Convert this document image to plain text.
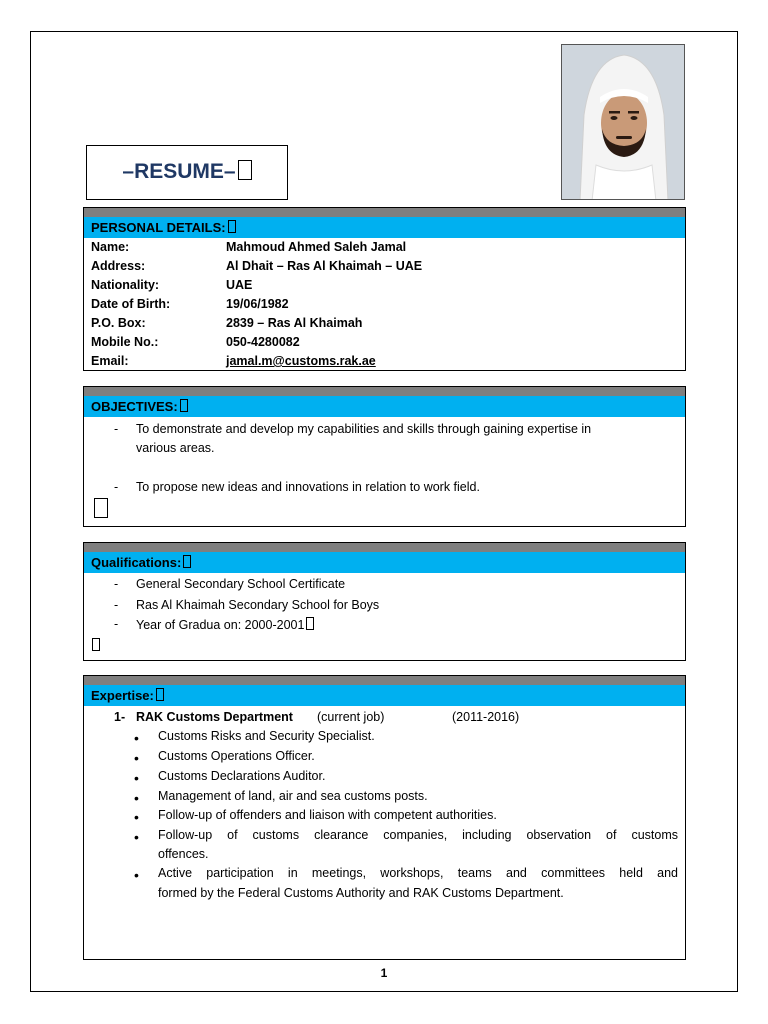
–RESUME–
PERSONAL DETAILS:
Name:	Mahmoud Ahmed Saleh Jamal
Address:	Al Dhait – Ras Al Khaimah – UAE
Nationality:	UAE
Date of Birth:	19/06/1982
P.O. Box:	2839 – Ras Al Khaimah
Mobile No.:	050-4280082
Email:	jamal.m@customs.rak.ae
OBJECTIVES:
- To demonstrate and develop my capabilities and skills through gaining expertise in
various areas.
- To propose new ideas and innovations in relation to work field.
Qualifications:
- General Secondary School Certificate
- Ras Al Khaimah Secondary School for Boys
- Year of Gradua on: 2000-2001
Expertise:
1- RAK Customs Department (current job)	(2011-2016)
• Customs Risks and Security Specialist.
• Customs Operations Officer.
• Customs Declarations Auditor.
• Management of land, air and sea customs posts.
• Follow-up of offenders and liaison with competent authorities.
• Follow-up of customs clearance companies, including observation of customs
offences.
• Active participation in meetings, workshops, teams and committees held and
formed by the Federal Customs Authority and RAK Customs Department.
1
